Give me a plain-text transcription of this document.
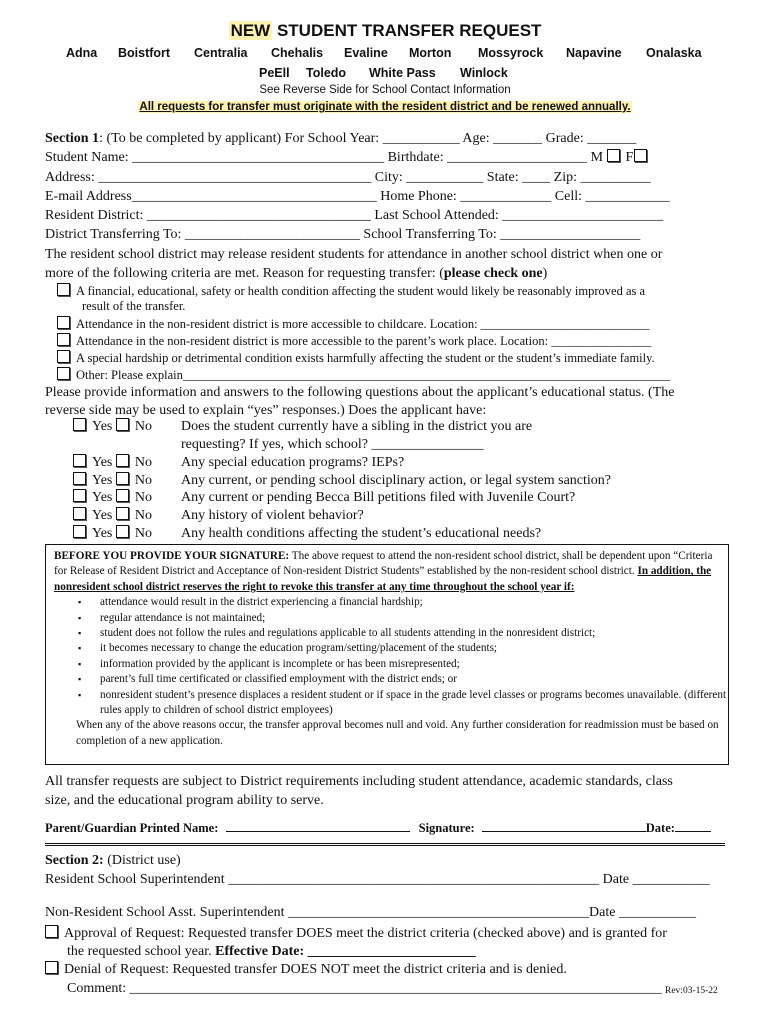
NEW STUDENT TRANSFER REQUEST
Adna Boistfort Centralia Chehalis Evaline Morton Mossyrock Napavine Onalaska
PeEll Toledo White Pass Winlock
See Reverse Side for School Contact Information
All requests for transfer must originate with the resident district and be renewed annually.
Section 1: (To be completed by applicant) For School Year: ___________ Age: _______ Grade: _______
Student Name: ____________________________________ Birthdate: ____________________ M F
Address: _______________________________________ City: ___________ State: ____ Zip: __________
E-mail Address___________________________________ Home Phone: _____________ Cell: ____________
Resident District: ________________________________ Last School Attended: _______________________
District Transferring To: _________________________ School Transferring To: ____________________
The resident school district may release resident students for attendance in another school district when one or
more of the following criteria are met. Reason for requesting transfer: (please check one)
A financial, educational, safety or health condition affecting the student would likely be reasonably improved as a
result of the transfer.
Attendance in the non-resident district is more accessible to childcare. Location: ___________________________
Attendance in the non-resident district is more accessible to the parent’s work place. Location: ________________
A special hardship or detrimental condition exists harmfully affecting the student or the student’s immediate family.
Other: Please explain______________________________________________________________________________
Please provide information and answers to the following questions about the applicant’s educational status. (The
reverse side may be used to explain “yes” responses.) Does the applicant have:
Yes No Does the student currently have a sibling in the district you are
requesting? If yes, which school? ________________
Yes No Any special education programs? IEPs?
Yes No Any current, or pending school disciplinary action, or legal system sanction?
Yes No Any current or pending Becca Bill petitions filed with Juvenile Court?
Yes No Any history of violent behavior?
Yes No Any health conditions affecting the student’s educational needs?

BEFORE YOU PROVIDE YOUR SIGNATURE: The above request to attend the non-resident school district, shall be dependent upon “Criteria for Release of Resident District and Acceptance of Non-resident District Students” established by the non-resident school district. In addition, the nonresident school district reserves the right to revoke this transfer at any time throughout the school year if:

▪ attendance would result in the district experiencing a financial hardship;
▪ regular attendance is not maintained;
▪ student does not follow the rules and regulations applicable to all students attending in the nonresident district;
▪ it becomes necessary to change the education program/setting/placement of the students;
▪ information provided by the applicant is incomplete or has been misrepresented;
▪ parent’s full time certificated or classified employment with the district ends; or
▪ nonresident student’s presence displaces a resident student or if space in the grade level classes or programs becomes unavailable. (different rules apply to children of school district employees)

When any of the above reasons occur, the transfer approval becomes null and void. Any further consideration for readmission must be based on completion of a new application.

All transfer requests are subject to District requirements including student attendance, academic standards, class
size, and the educational program ability to serve.
Parent/Guardian Printed Name:	Signature:	Date:
Section 2: (District use)
Resident School Superintendent _____________________________________________________ Date ___________
Non-Resident School Asst. Superintendent ___________________________________________Date ___________
Approval of Request: Requested transfer DOES meet the district criteria (checked above) and is granted for
the requested school year. Effective Date: ________________________
Denial of Request: Requested transfer DOES NOT meet the district criteria and is denied.
Comment: ____________________________________________________________________________ Rev:03-15-22
